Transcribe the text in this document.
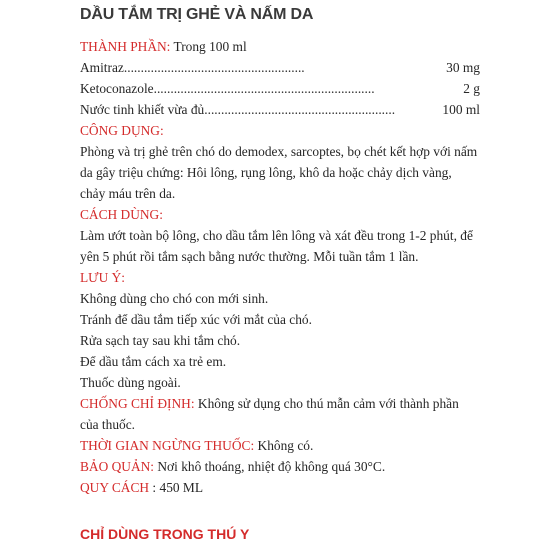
DẦU TẮM TRỊ GHẺ VÀ NẤM DA
THÀNH PHẦN: Trong 100 ml
Amitraz ......................................................	30 mg
Ketoconazole ..................................................................	2 g
Nước tinh khiết vừa đủ .........................................................	100 ml
CÔNG DỤNG:
Phòng và trị ghẻ trên chó do demodex, sarcoptes, bọ chét kết hợp với nấm da gây triệu chứng: Hôi lông, rụng lông, khô da hoặc chảy dịch vàng, chảy máu trên da.
CÁCH DÙNG:
Làm ướt toàn bộ lông, cho dầu tắm lên lông và xát đều trong 1-2 phút, để yên 5 phút rồi tắm sạch bằng nước thường. Mỗi tuần tắm 1 lần.
LƯU Ý:
Không dùng cho chó con mới sinh.
Tránh để dầu tắm tiếp xúc với mắt của chó.
Rửa sạch tay sau khi tắm chó.
Để dầu tắm cách xa trẻ em.
Thuốc dùng ngoài.
CHỐNG CHỈ ĐỊNH: Không sử dụng cho thú mẫn cảm với thành phần của thuốc.
THỜI GIAN NGỪNG THUỐC: Không có.
BẢO QUẢN: Nơi khô thoáng, nhiệt độ không quá 30°C.
QUY CÁCH : 450 ML
CHỈ DÙNG TRONG THÚ Y
